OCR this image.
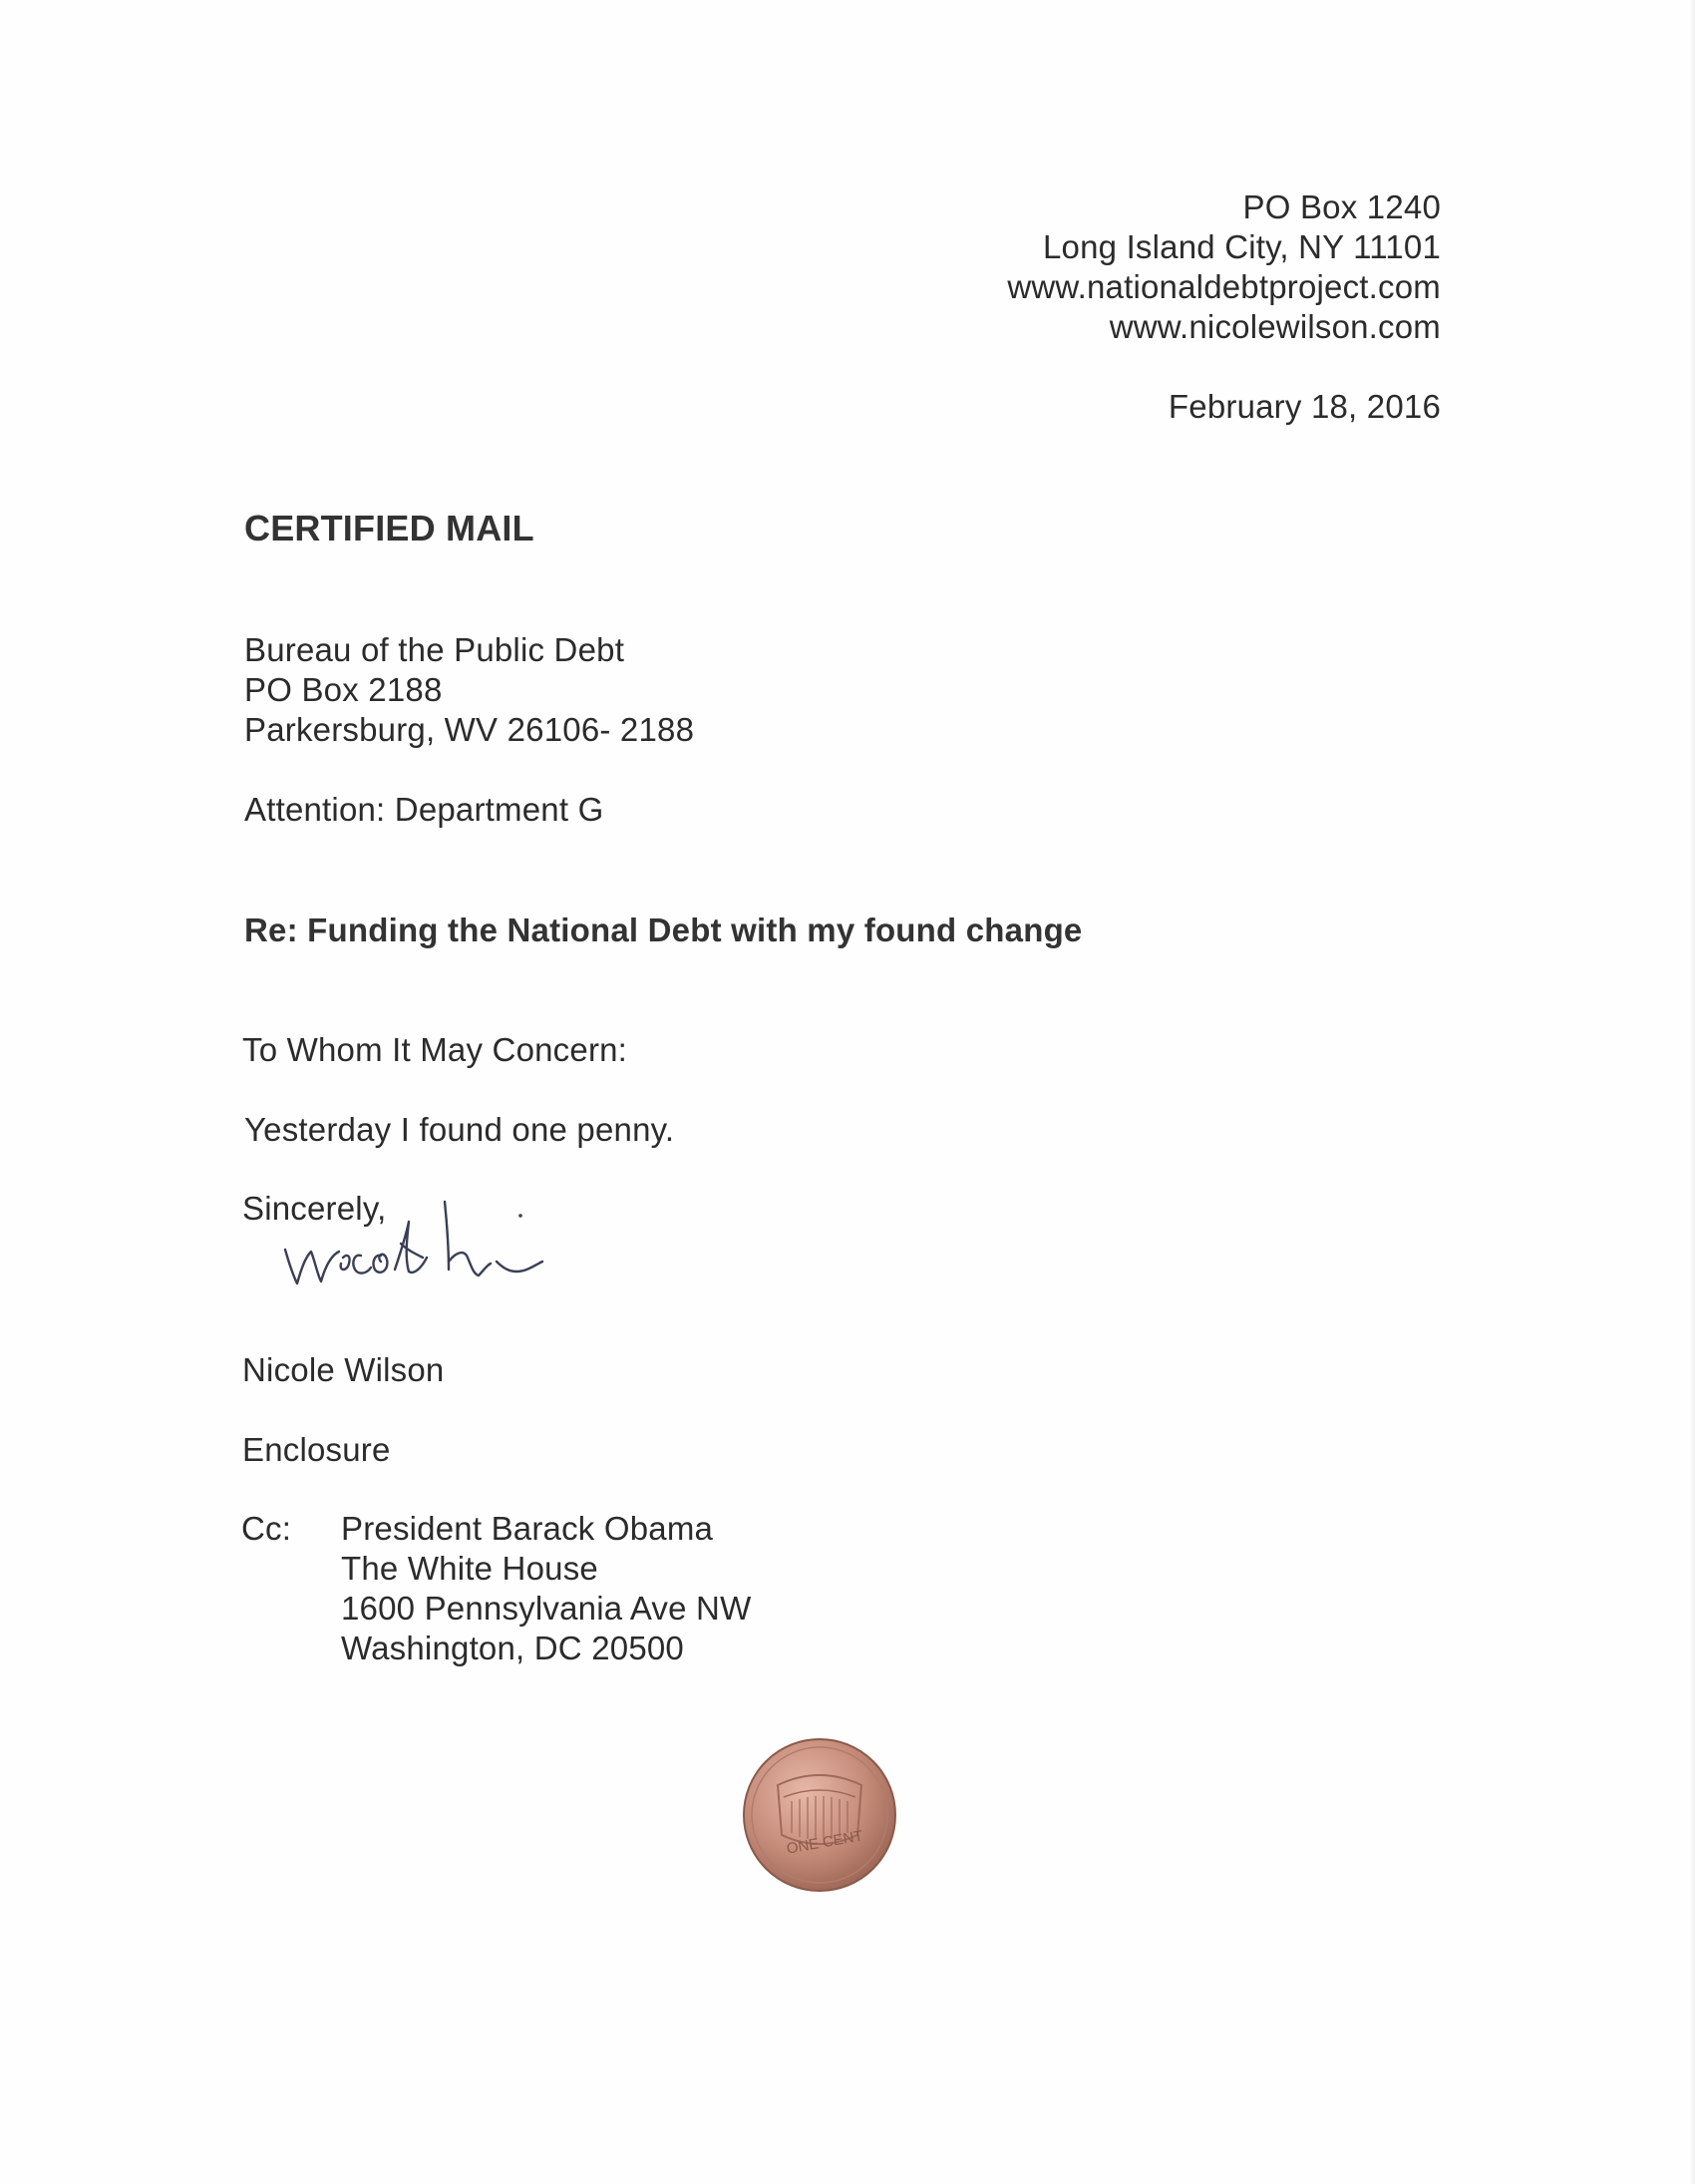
PO Box 1240
Long Island City, NY 11101
www.nationaldebtproject.com
www.nicolewilson.com
February 18, 2016
CERTIFIED MAIL
Bureau of the Public Debt
PO Box 2188
Parkersburg, WV 26106- 2188
Attention: Department G
Re: Funding the National Debt with my found change
To Whom It May Concern:
Yesterday I found one penny.
Sincerely,
Nicole Wilson
Enclosure
Cc: President Barack Obama
The White House
1600 Pennsylvania Ave NW
Washington, DC 20500
ONE CENT
